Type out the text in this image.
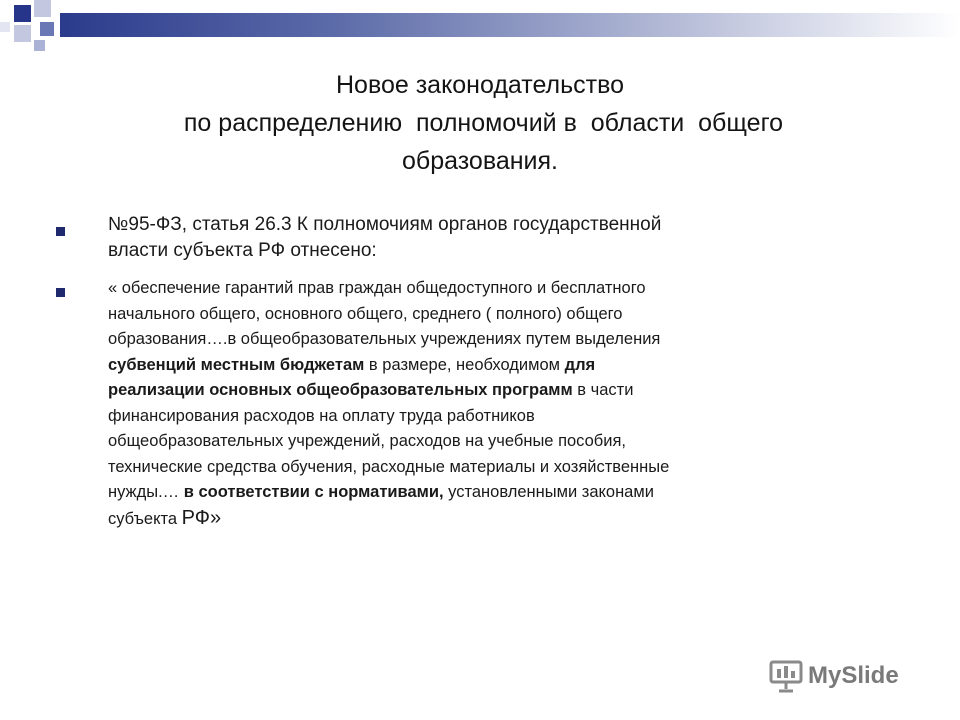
Новое законодательство
по распределению  полномочий в  области  общего
образования.
№95-ФЗ, статья 26.3 К полномочиям органов государственной
власти субъекта РФ отнесено:
« обеспечение гарантий прав граждан общедоступного и бесплатного
начального общего, основного общего, среднего ( полного) общего
образования….в общеобразовательных учреждениях путем выделения
субвенций местным бюджетам в размере, необходимом для
реализации основных общеобразовательных программ в части
финансирования расходов на оплату труда работников
общеобразовательных учреждений, расходов на учебные пособия,
технические средства обучения, расходные материалы и хозяйственные
нужды.… в соответствии с нормативами, установленными законами
субъекта РФ»
MySlide
